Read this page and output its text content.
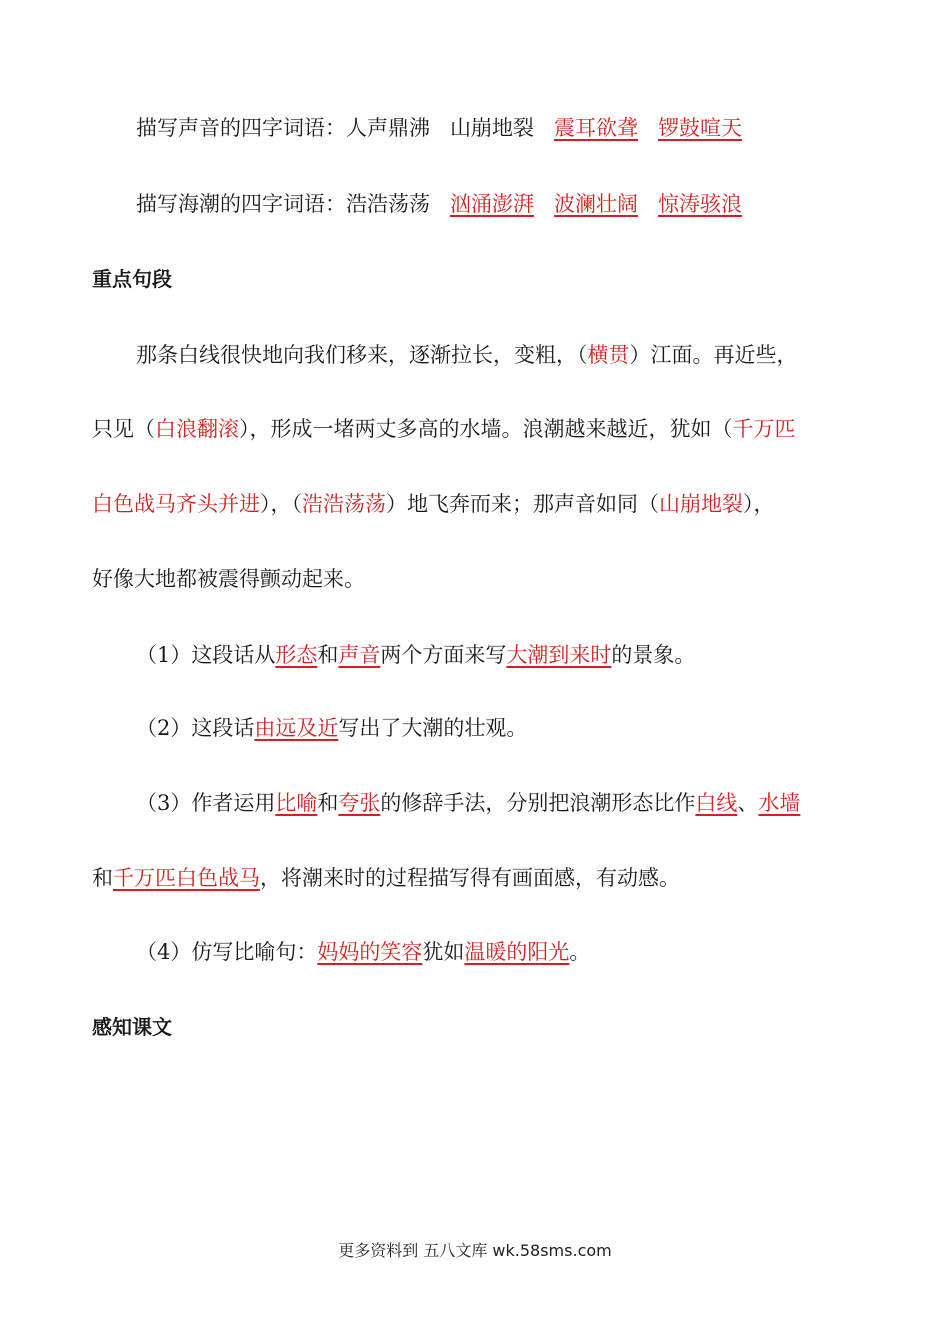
描写声音的四字词语：人声鼎沸 山崩地裂 震耳欲聋 锣鼓喧天
描写海潮的四字词语：浩浩荡荡 汹涌澎湃 波澜壮阔 惊涛骇浪
重点句段
那条白线很快地向我们移来，逐渐拉长，变粗，（横贯）江面。再近些，
只见（白浪翻滚），形成一堵两丈多高的水墙。浪潮越来越近，犹如（千万匹
白色战马齐头并进），（浩浩荡荡）地飞奔而来；那声音如同（山崩地裂），
好像大地都被震得颤动起来。
（1）这段话从形态和声音两个方面来写大潮到来时的景象。
（2）这段话由远及近写出了大潮的壮观。
（3）作者运用比喻和夸张的修辞手法，分别把浪潮形态比作白线、水墙
和千万匹白色战马，将潮来时的过程描写得有画面感，有动感。
（4）仿写比喻句：妈妈的笑容犹如温暖的阳光。
感知课文
更多资料到 五八文库 wk.58sms.com
